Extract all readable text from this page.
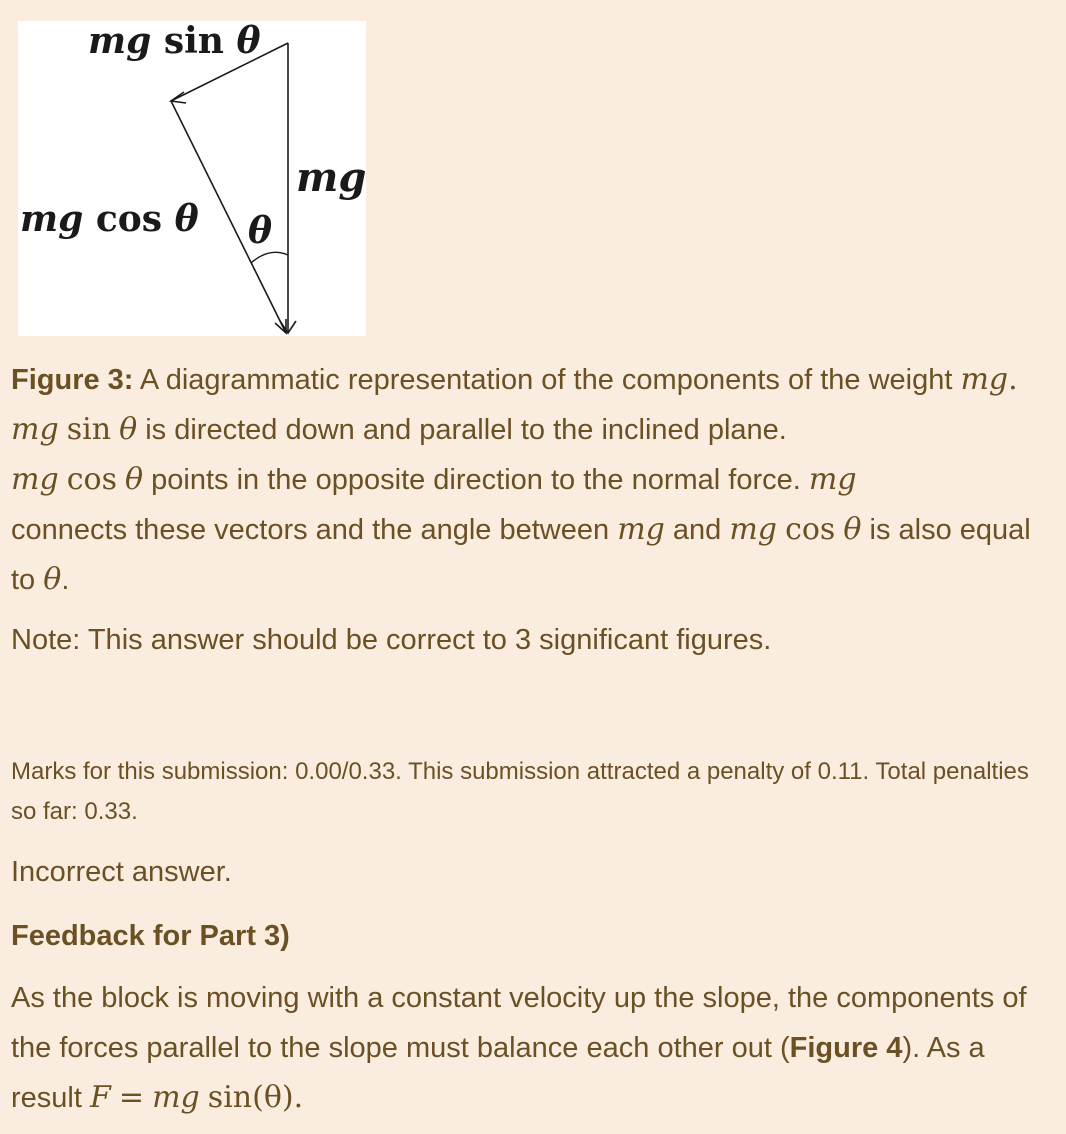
mg sin θ
mg
mg cos θ θ

Figure 3: A diagrammatic representation of the components of the weight mg. mg sin θ is directed down and parallel to the inclined plane.
mg cos θ points in the opposite direction to the normal force. mg
connects these vectors and the angle between mg and mg cos θ is also equal to θ.

Note: This answer should be correct to 3 significant figures.

Marks for this submission: 0.00/0.33. This submission attracted a penalty of 0.11. Total penalties so far: 0.33.

Incorrect answer.

Feedback for Part 3)

As the block is moving with a constant velocity up the slope, the components of the forces parallel to the slope must balance each other out (Figure 4). As a result F = mg sin(θ).
